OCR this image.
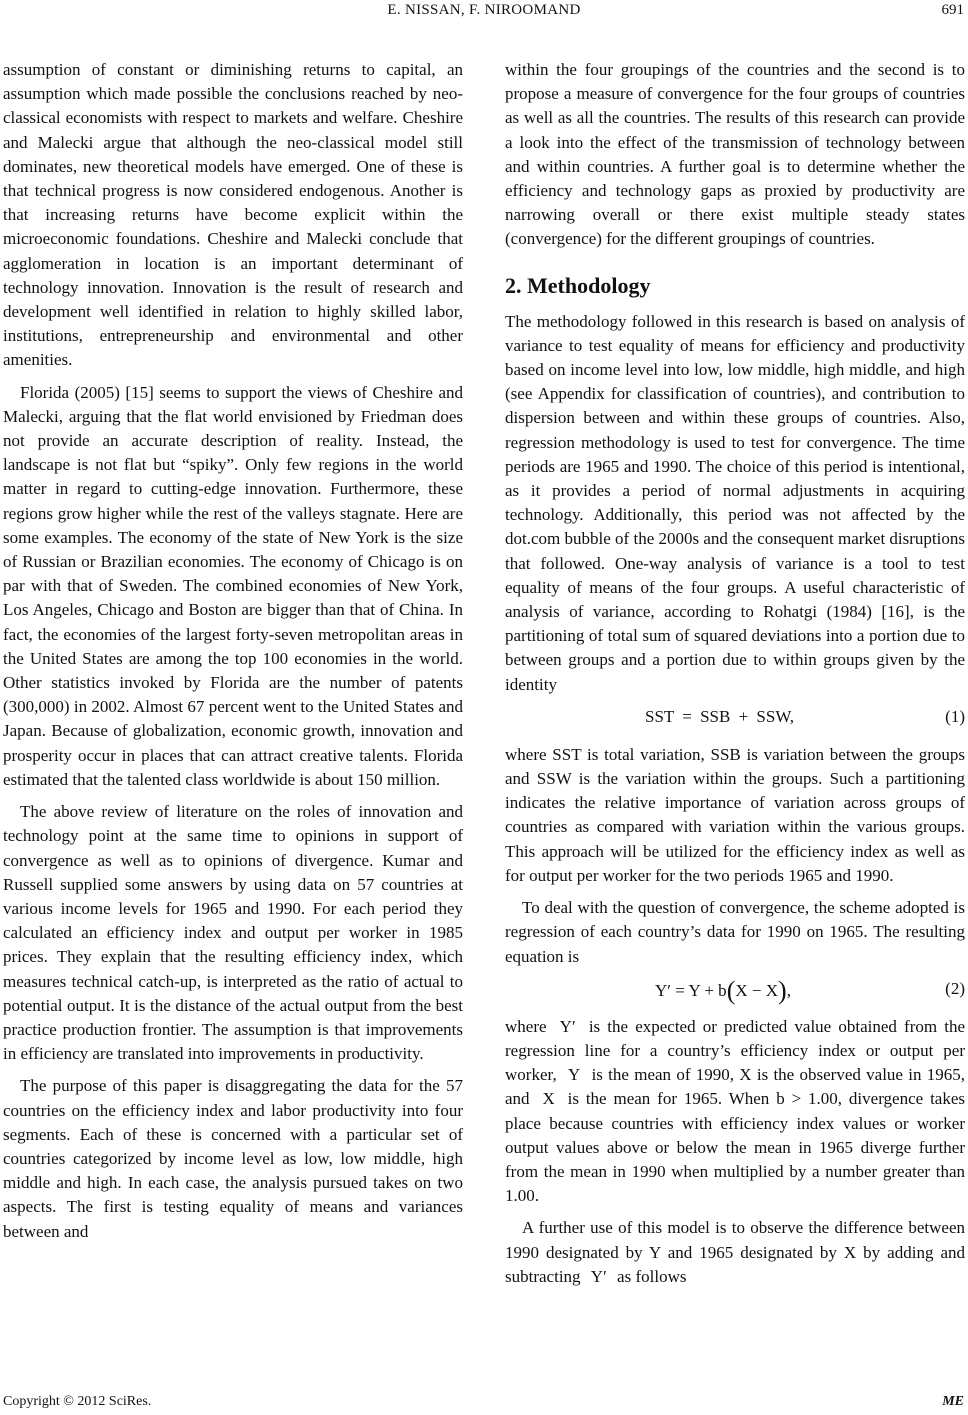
E. NISSAN, F. NIROOMAND	691

assumption of constant or diminishing returns to capital, an assumption which made possible the conclusions reached by neo-classical economists with respect to markets and welfare. Cheshire and Malecki argue that although the neo-classical model still dominates, new theoretical models have emerged. One of these is that technical progress is now considered endogenous. Another is that increasing returns have become explicit within the microeconomic foundations. Cheshire and Malecki conclude that agglomeration in location is an important determinant of technology innovation. Innovation is the result of research and development well identified in relation to highly skilled labor, institutions, entrepreneurship and environmental and other amenities.

Florida (2005) [15] seems to support the views of Cheshire and Malecki, arguing that the flat world envisioned by Friedman does not provide an accurate description of reality. Instead, the landscape is not flat but “spiky”. Only few regions in the world matter in regard to cutting-edge innovation. Furthermore, these regions grow higher while the rest of the valleys stagnate. Here are some examples. The economy of the state of New York is the size of Russian or Brazilian economies. The economy of Chicago is on par with that of Sweden. The combined economies of New York, Los Angeles, Chicago and Boston are bigger than that of China. In fact, the economies of the largest forty-seven metropolitan areas in the United States are among the top 100 economies in the world. Other statistics invoked by Florida are the number of patents (300,000) in 2002. Almost 67 percent went to the United States and Japan. Because of globalization, economic growth, innovation and prosperity occur in places that can attract creative talents. Florida estimated that the talented class worldwide is about 150 million.

The above review of literature on the roles of innovation and technology point at the same time to opinions in support of convergence as well as to opinions of divergence. Kumar and Russell supplied some answers by using data on 57 countries at various income levels for 1965 and 1990. For each period they calculated an efficiency index and output per worker in 1985 prices. They explain that the resulting efficiency index, which measures technical catch-up, is interpreted as the ratio of actual to potential output. It is the distance of the actual output from the best practice production frontier. The assumption is that improvements in efficiency are translated into improvements in productivity.

The purpose of this paper is disaggregating the data for the 57 countries on the efficiency index and labor productivity into four segments. Each of these is concerned with a particular set of countries categorized by income level as low, low middle, high middle and high. In each case, the analysis pursued takes on two aspects. The first is testing equality of means and variances between and

within the four groupings of the countries and the second is to propose a measure of convergence for the four groups of countries as well as all the countries. The results of this research can provide a look into the effect of the transmission of technology between and within countries. A further goal is to determine whether the efficiency and technology gaps as proxied by productivity are narrowing overall or there exist multiple steady states (convergence) for the different groupings of countries.

2. Methodology

The methodology followed in this research is based on analysis of variance to test equality of means for efficiency and productivity based on income level into low, low middle, high middle, and high (see Appendix for classification of countries), and contribution to dispersion between and within these groups of countries. Also, regression methodology is used to test for convergence. The time periods are 1965 and 1990. The choice of this period is intentional, as it provides a period of normal adjustments in acquiring technology. Additionally, this period was not affected by the dot.com bubble of the 2000s and the consequent market disruptions that followed. One-way analysis of variance is a tool to test equality of means of the four groups. A useful characteristic of analysis of variance, according to Rohatgi (1984) [16], is the partitioning of total sum of squared deviations into a portion due to between groups and a portion due to within groups given by the identity

SST = SSB + SSW,	(1)

where SST is total variation, SSB is variation between the groups and SSW is the variation within the groups. Such a partitioning indicates the relative importance of variation across groups of countries as compared with variation within the various groups. This approach will be utilized for the efficiency index as well as for output per worker for the two periods 1965 and 1990.

To deal with the question of convergence, the scheme adopted is regression of each country’s data for 1990 on 1965. The resulting equation is

Y′ = Y + b(X − X),	(2)

where Y′ is the expected or predicted value obtained from the regression line for a country’s efficiency index or output per worker, Y is the mean of 1990, X is the observed value in 1965, and X is the mean for 1965. When b > 1.00, divergence takes place because countries with efficiency index values or worker output values above or below the mean in 1965 diverge further from the mean in 1990 when multiplied by a number greater than 1.00.

A further use of this model is to observe the difference between 1990 designated by Y and 1965 designated by X by adding and subtracting Y′ as follows

Copyright © 2012 SciRes.	ME
